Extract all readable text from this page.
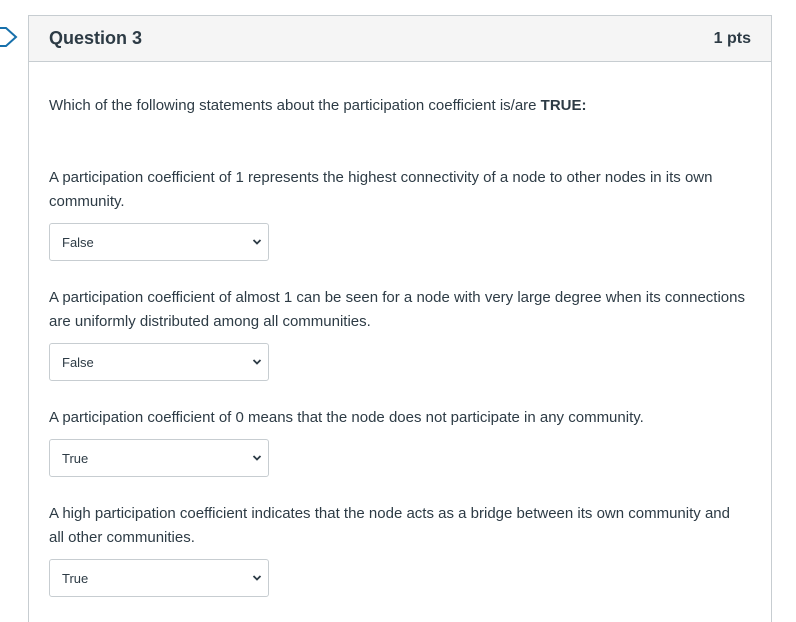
Question 3	1 pts
Which of the following statements about the participation coefficient is/are TRUE:
A participation coefficient of 1 represents the highest connectivity of a node to other nodes in its own community.
False
A participation coefficient of almost 1 can be seen for a node with very large degree when its connections are uniformly distributed among all communities.
False
A participation coefficient of 0 means that the node does not participate in any community.
True
A high participation coefficient indicates that the node acts as a bridge between its own community and all other communities.
True
